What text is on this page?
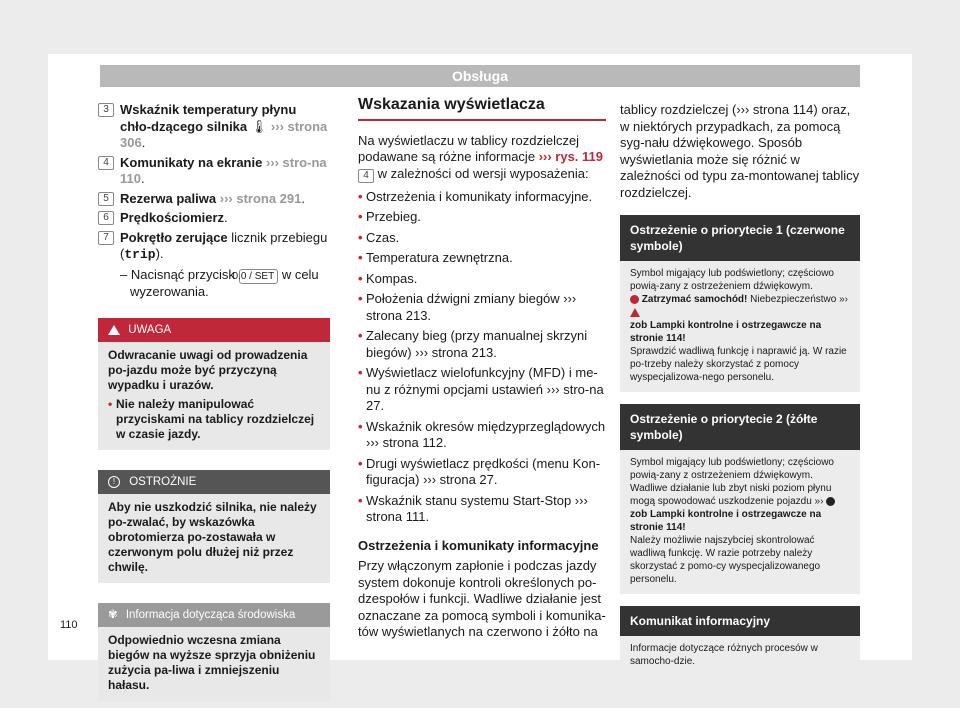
Obsługa
3 Wskaźnik temperatury płynu chło-dzącego silnika 🌡 ››› strona 306.
4 Komunikaty na ekranie ››› stro-na 110.
5 Rezerwa paliwa ››› strona 291.
6 Prędkościomierz.
7 Pokrętło zerujące licznik przebiegu (trip).
– Nacisnąć przycisk 0.0 / SET w celu wyzerowania.
UWAGA
Odwracanie uwagi od prowadzenia po-jazdu może być przyczyną wypadku i urazów.
• Nie należy manipulować przyciskami na tablicy rozdzielczej w czasie jazdy.
! OSTROŻNIE
Aby nie uszkodzić silnika, nie należy po-zwalać, by wskazówka obrotomierza po-zostawała w czerwonym polu dłużej niż przez chwilę.
✾ Informacja dotycząca środowiska
Odpowiednio wczesna zmiana biegów na wyższe sprzyja obniżeniu zużycia pa-liwa i zmniejszeniu hałasu.
Wskazania wyświetlacza
Na wyświetlaczu w tablicy rozdzielczej podawane są różne informacje ››› rys. 119 4 w zależności od wersji wyposażenia:
• Ostrzeżenia i komunikaty informacyjne.
• Przebieg.
• Czas.
• Temperatura zewnętrzna.
• Kompas.
• Położenia dźwigni zmiany biegów ››› strona 213.
• Zalecany bieg (przy manualnej skrzyni biegów) ››› strona 213.
• Wyświetlacz wielofunkcyjny (MFD) i me-nu z różnymi opcjami ustawień ››› stro-na 27.
• Wskaźnik okresów międzyprzeglądowych ››› strona 112.
• Drugi wyświetlacz prędkości (menu Kon-figuracja) ››› strona 27.
• Wskaźnik stanu systemu Start-Stop ››› strona 111.
Ostrzeżenia i komunikaty informacyjne
Przy włączonym zapłonie i podczas jazdy system dokonuje kontroli określonych po-dzespołów i funkcji. Wadliwe działanie jest oznaczane za pomocą symboli i komunika-tów wyświetlanych na czerwono i żółto na
tablicy rozdzielczej (››› strona 114) oraz, w niektórych przypadkach, za pomocą syg-nału dźwiękowego. Sposób wyświetlania może się różnić w zależności od typu za-montowanej tablicy rozdzielczej.
Ostrzeżenie o priorytecie 1 (czerwone symbole)
Symbol migający lub podświetlony; częściowo powią-zany z ostrzeżeniem dźwiękowym.
Zatrzymać samochód! Niebezpieczeństwo »›
zob Lampki kontrolne i ostrzegawcze na stronie 114!
Sprawdzić wadliwą funkcję i naprawić ją. W razie po-trzeby należy skorzystać z pomocy wyspecjalizowa-nego personelu.
Ostrzeżenie o priorytecie 2 (żółte symbole)
Symbol migający lub podświetlony; częściowo powią-zany z ostrzeżeniem dźwiękowym.
Wadliwe działanie lub zbyt niski poziom płynu mogą spowodować uszkodzenie pojazdu »›  zob Lampki kontrolne i ostrzegawcze na stronie 114!
Należy możliwie najszybciej skontrolować wadliwą funkcję. W razie potrzeby należy skorzystać z pomo-cy wyspecjalizowanego personelu.
Komunikat informacyjny
Informacje dotyczące różnych procesów w samocho-dzie.
110
